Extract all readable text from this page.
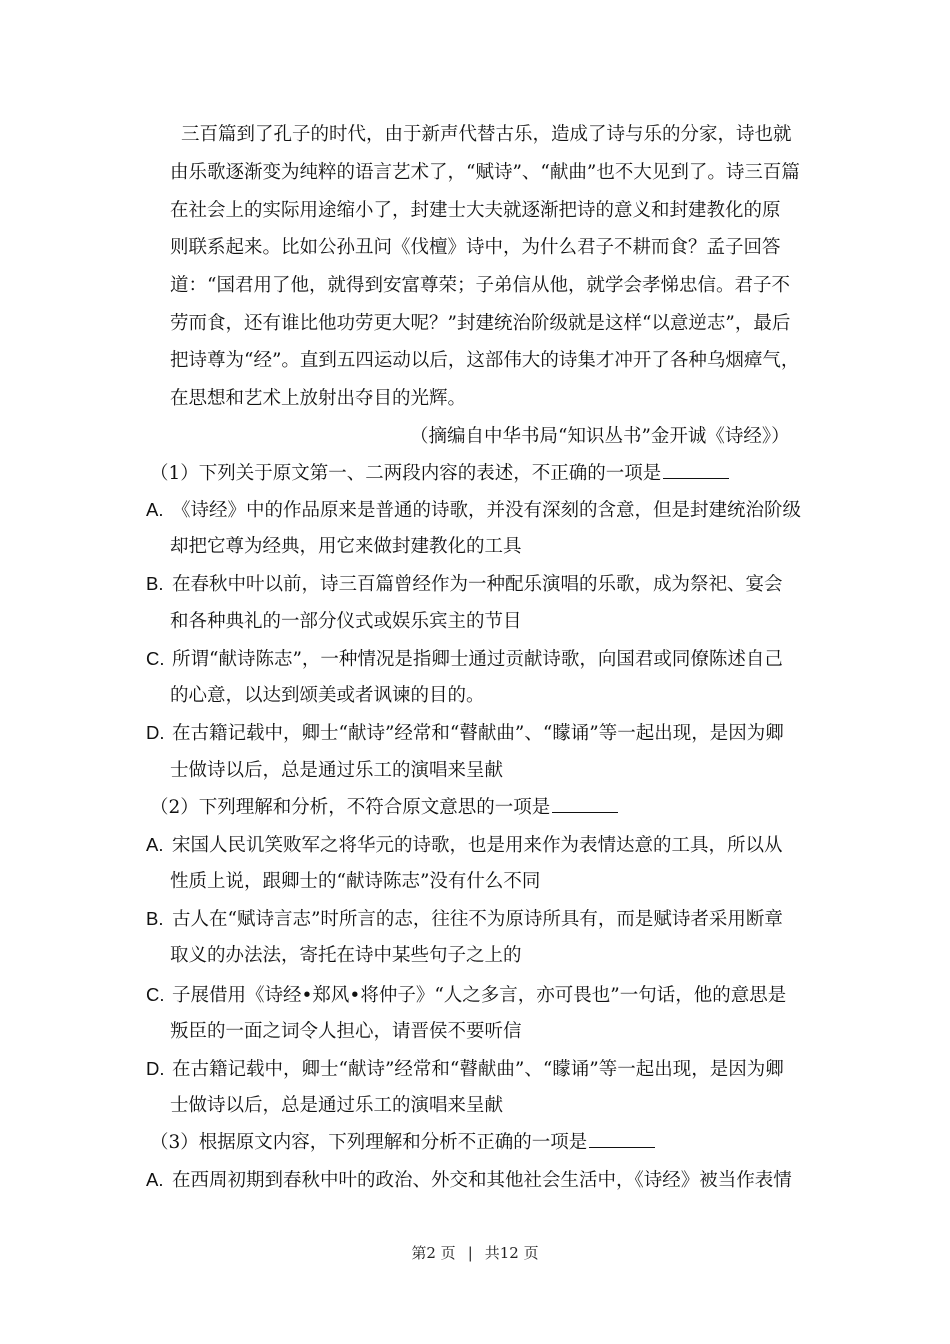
三百篇到了孔子的时代，由于新声代替古乐，造成了诗与乐的分家，诗也就
由乐歌逐渐变为纯粹的语言艺术了，“赋诗”、“献曲”也不大见到了。诗三百篇
在社会上的实际用途缩小了，封建士大夫就逐渐把诗的意义和封建教化的原
则联系起来。比如公孙丑问《伐檀》诗中，为什么君子不耕而食？孟子回答
道：“国君用了他，就得到安富尊荣；子弟信从他，就学会孝悌忠信。君子不
劳而食，还有谁比他功劳更大呢？”封建统治阶级就是这样“以意逆志”，最后
把诗尊为“经”。直到五四运动以后，这部伟大的诗集才冲开了各种乌烟瘴气，
在思想和艺术上放射出夺目的光辉。
（摘编自中华书局“知识丛书”金开诚《诗经》）
（1）下列关于原文第一、二两段内容的表述，不正确的一项是
A. 《诗经》中的作品原来是普通的诗歌，并没有深刻的含意，但是封建统治阶级
却把它尊为经典，用它来做封建教化的工具
B. 在春秋中叶以前，诗三百篇曾经作为一种配乐演唱的乐歌，成为祭祀、宴会
和各种典礼的一部分仪式或娱乐宾主的节目
C. 所谓“献诗陈志”，一种情况是指卿士通过贡献诗歌，向国君或同僚陈述自己
的心意，以达到颂美或者讽谏的目的。
D. 在古籍记载中，卿士“献诗”经常和“瞽献曲”、“矇诵”等一起出现，是因为卿
士做诗以后，总是通过乐工的演唱来呈献
（2）下列理解和分析，不符合原文意思的一项是
A. 宋国人民讥笑败军之将华元的诗歌，也是用来作为表情达意的工具，所以从
性质上说，跟卿士的“献诗陈志”没有什么不同
B. 古人在“赋诗言志”时所言的志，往往不为原诗所具有，而是赋诗者采用断章
取义的办法法，寄托在诗中某些句子之上的
C. 子展借用《诗经•郑风•将仲子》“人之多言，亦可畏也”一句话，他的意思是
叛臣的一面之词令人担心，请晋侯不要听信
D. 在古籍记载中，卿士“献诗”经常和“瞽献曲”、“矇诵”等一起出现，是因为卿
士做诗以后，总是通过乐工的演唱来呈献
（3）根据原文内容，下列理解和分析不正确的一项是
A. 在西周初期到春秋中叶的政治、外交和其他社会生活中，《诗经》被当作表情
第2 页 | 共12 页
